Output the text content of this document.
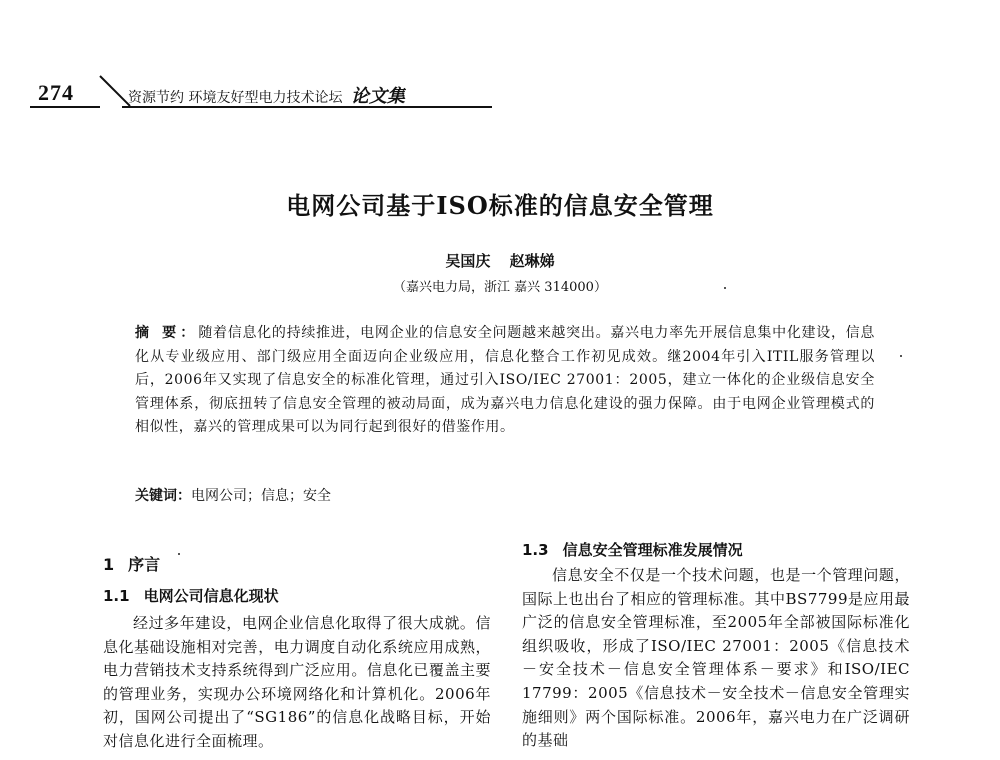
274	资源节约 环境友好型电力技术论坛 论文集
电网公司基于ISO标准的信息安全管理
吴国庆 赵琳娣
（嘉兴电力局，浙江 嘉兴 314000）
摘 要：随着信息化的持续推进，电网企业的信息安全问题越来越突出。嘉兴电力率先开展信息集中化建设，信息化从专业级应用、部门级应用全面迈向企业级应用，信息化整合工作初见成效。继2004年引入ITIL服务管理以后，2006年又实现了信息安全的标准化管理，通过引入ISO/IEC 27001：2005，建立一体化的企业级信息安全管理体系，彻底扭转了信息安全管理的被动局面，成为嘉兴电力信息化建设的强力保障。由于电网企业管理模式的相似性，嘉兴的管理成果可以为同行起到很好的借鉴作用。
关键词：电网公司；信息；安全
1 序言
1.1 电网公司信息化现状

经过多年建设，电网企业信息化取得了很大成就。信息化基础设施相对完善，电力调度自动化系统应用成熟，电力营销技术支持系统得到广泛应用。信息化已覆盖主要的管理业务，实现办公环境网络化和计算机化。2006年初，国网公司提出了“SG186”的信息化战略目标，开始对信息化进行全面梳理。

1.3 信息安全管理标准发展情况

信息安全不仅是一个技术问题，也是一个管理问题，国际上也出台了相应的管理标准。其中BS7799是应用最广泛的信息安全管理标准，至2005年全部被国际标准化组织吸收，形成了ISO/IEC 27001：2005《信息技术－安全技术－信息安全管理体系－要求》和ISO/IEC 17799：2005《信息技术－安全技术－信息安全管理实施细则》两个国际标准。2006年，嘉兴电力在广泛调研的基础
